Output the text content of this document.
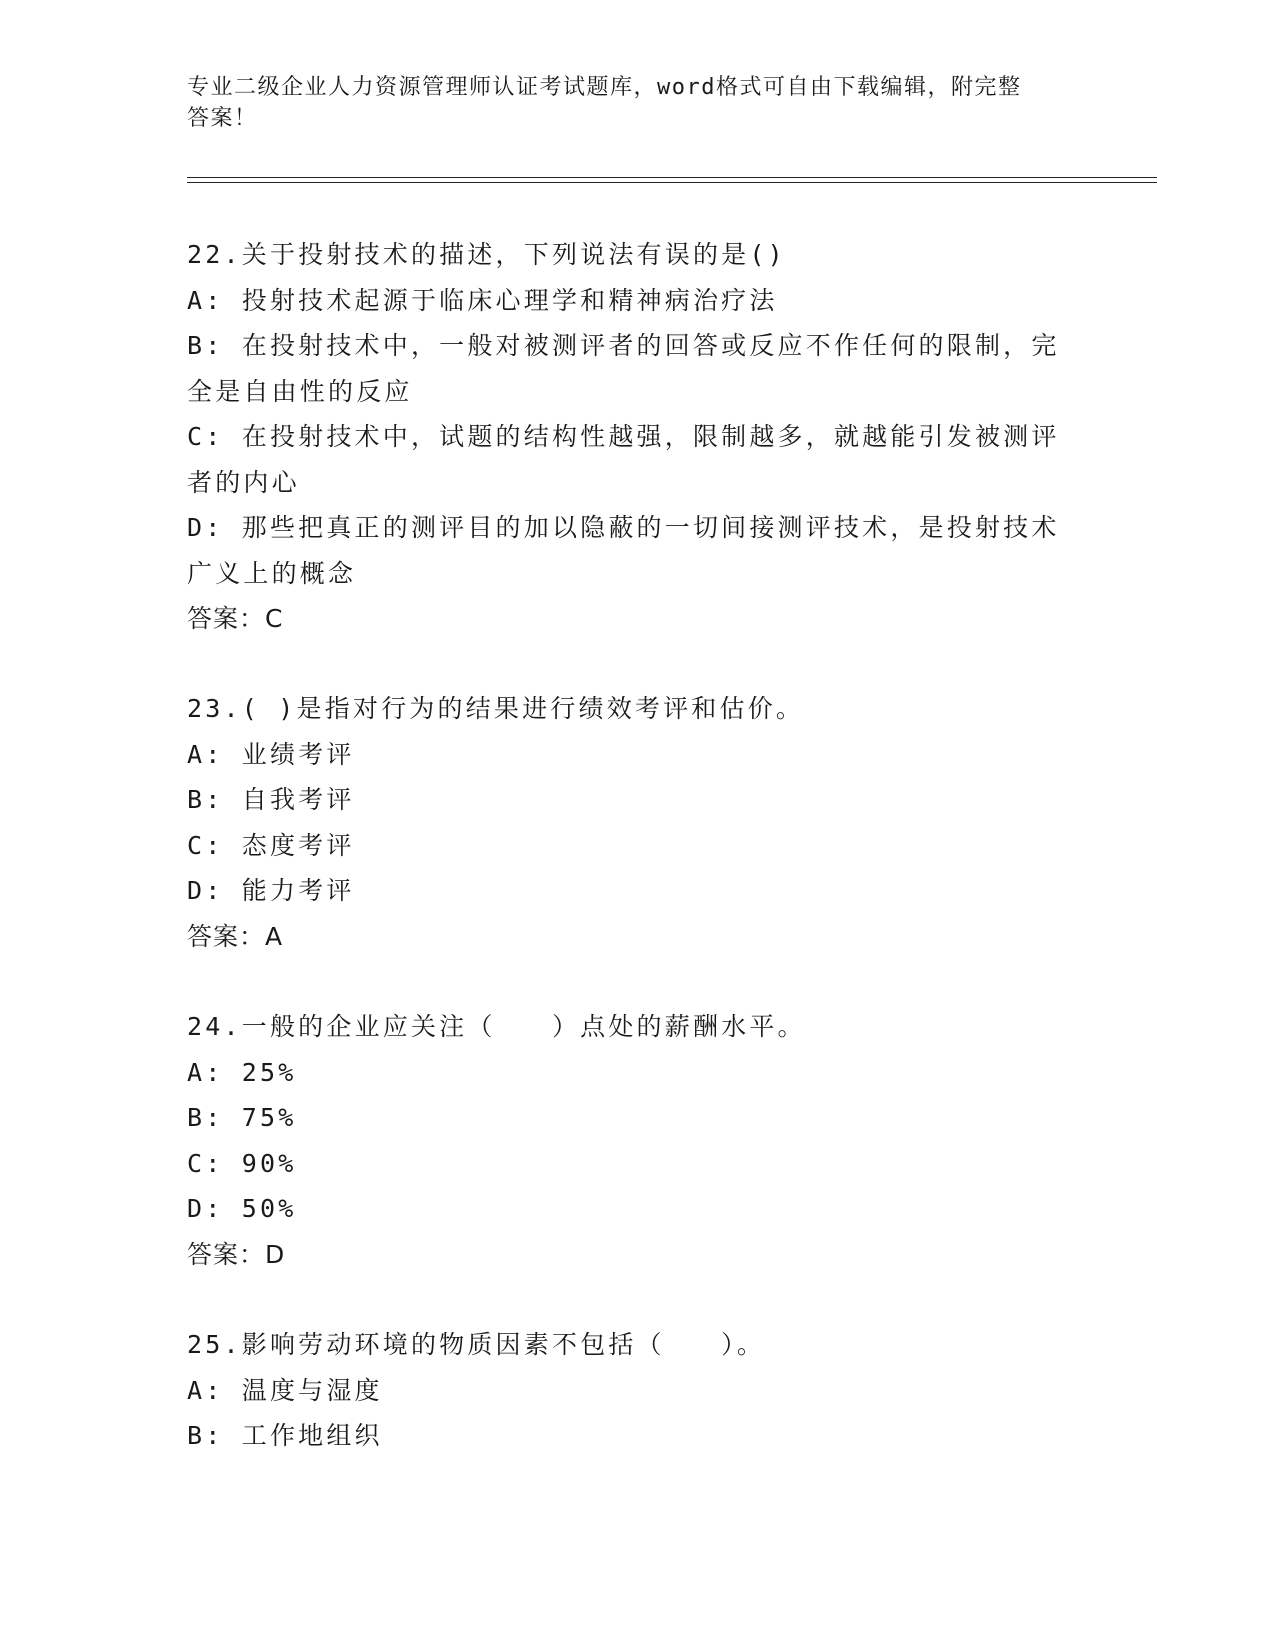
专业二级企业人力资源管理师认证考试题库，word格式可自由下载编辑，附完整
答案！

22.关于投射技术的描述，下列说法有误的是()

A: 投射技术起源于临床心理学和精神病治疗法

B: 在投射技术中，一般对被测评者的回答或反应不作任何的限制，完全是自由性的反应

C: 在投射技术中，试题的结构性越强，限制越多，就越能引发被测评者的内心

D: 那些把真正的测评目的加以隐蔽的一切间接测评技术，是投射技术广义上的概念

答案：C

23.( )是指对行为的结果进行绩效考评和估价。

A: 业绩考评

B: 自我考评

C: 态度考评

D: 能力考评

答案：A

24.一般的企业应关注（　　）点处的薪酬水平。

A: 25%

B: 75%

C: 90%

D: 50%

答案：D

25.影响劳动环境的物质因素不包括（　　）。

A: 温度与湿度

B: 工作地组织
